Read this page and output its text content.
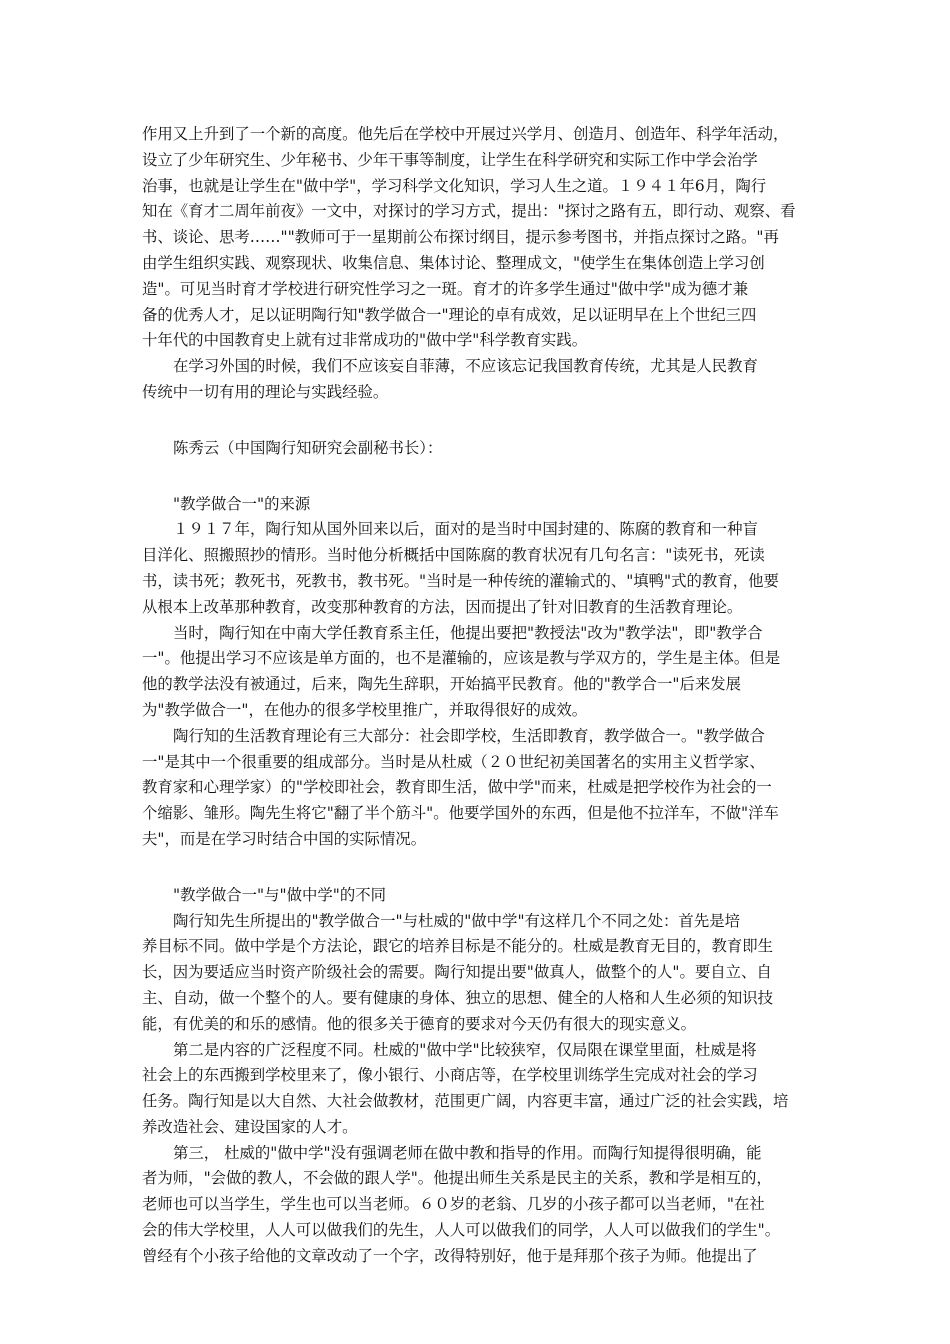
作用又上升到了一个新的高度。他先后在学校中开展过兴学月、创造月、创造年、科学年活动，
设立了少年研究生、少年秘书、少年干事等制度，让学生在科学研究和实际工作中学会治学
治事，也就是让学生在"做中学"，学习科学文化知识，学习人生之道。１９４１年6月，陶行
知在《育才二周年前夜》一文中，对探讨的学习方式，提出："探讨之路有五，即行动、观察、看
书、谈论、思考……""教师可于一星期前公布探讨纲目，提示参考图书，并指点探讨之路。"再
由学生组织实践、观察现状、收集信息、集体讨论、整理成文，"使学生在集体创造上学习创
造"。可见当时育才学校进行研究性学习之一斑。育才的许多学生通过"做中学"成为德才兼
备的优秀人才，足以证明陶行知"教学做合一"理论的卓有成效，足以证明早在上个世纪三四
十年代的中国教育史上就有过非常成功的"做中学"科学教育实践。
在学习外国的时候，我们不应该妄自菲薄，不应该忘记我国教育传统，尤其是人民教育
传统中一切有用的理论与实践经验。
陈秀云（中国陶行知研究会副秘书长）：
"教学做合一"的来源
１９１７年，陶行知从国外回来以后，面对的是当时中国封建的、陈腐的教育和一种盲
目洋化、照搬照抄的情形。当时他分析概括中国陈腐的教育状况有几句名言："读死书，死读
书，读书死；教死书，死教书，教书死。"当时是一种传统的灌输式的、"填鸭"式的教育，他要
从根本上改革那种教育，改变那种教育的方法，因而提出了针对旧教育的生活教育理论。
当时，陶行知在中南大学任教育系主任，他提出要把"教授法"改为"教学法"，即"教学合
一"。他提出学习不应该是单方面的，也不是灌输的，应该是教与学双方的，学生是主体。但是
他的教学法没有被通过，后来，陶先生辞职，开始搞平民教育。他的"教学合一"后来发展
为"教学做合一"，在他办的很多学校里推广，并取得很好的成效。
陶行知的生活教育理论有三大部分：社会即学校，生活即教育，教学做合一。"教学做合
一"是其中一个很重要的组成部分。当时是从杜威（２０世纪初美国著名的实用主义哲学家、
教育家和心理学家）的"学校即社会，教育即生活，做中学"而来，杜威是把学校作为社会的一
个缩影、雏形。陶先生将它"翻了半个筋斗"。他要学国外的东西，但是他不拉洋车，不做"洋车
夫"，而是在学习时结合中国的实际情况。
"教学做合一"与"做中学"的不同
陶行知先生所提出的"教学做合一"与杜威的"做中学"有这样几个不同之处：首先是培
养目标不同。做中学是个方法论，跟它的培养目标是不能分的。杜威是教育无目的，教育即生
长，因为要适应当时资产阶级社会的需要。陶行知提出要"做真人，做整个的人"。要自立、自
主、自动，做一个整个的人。要有健康的身体、独立的思想、健全的人格和人生必须的知识技
能，有优美的和乐的感情。他的很多关于德育的要求对今天仍有很大的现实意义。
第二是内容的广泛程度不同。杜威的"做中学"比较狭窄，仅局限在课堂里面，杜威是将
社会上的东西搬到学校里来了，像小银行、小商店等，在学校里训练学生完成对社会的学习
任务。陶行知是以大自然、大社会做教材，范围更广阔，内容更丰富，通过广泛的社会实践，培
养改造社会、建设国家的人才。
第三， 杜威的"做中学"没有强调老师在做中教和指导的作用。而陶行知提得很明确，能
者为师，"会做的教人，不会做的跟人学"。他提出师生关系是民主的关系，教和学是相互的，
老师也可以当学生，学生也可以当老师。６０岁的老翁、几岁的小孩子都可以当老师，"在社
会的伟大学校里，人人可以做我们的先生，人人可以做我们的同学，人人可以做我们的学生"。
曾经有个小孩子给他的文章改动了一个字，改得特别好，他于是拜那个孩子为师。他提出了
